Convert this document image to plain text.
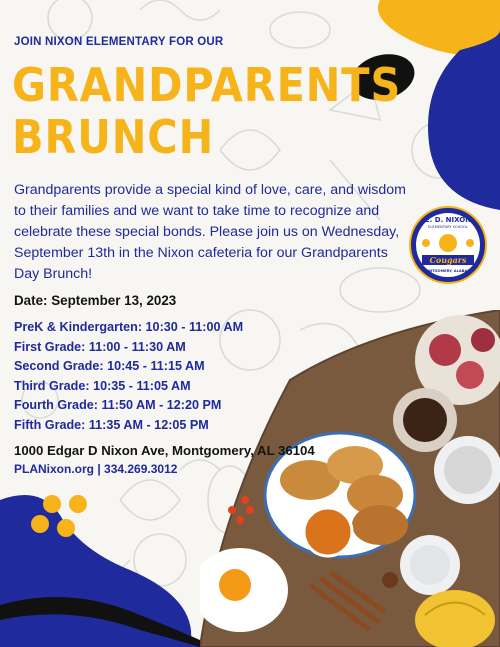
E. D. NIXON
ELEMENTARY SCHOOL
Cougars
MONTGOMERY, ALABAMA
JOIN NIXON ELEMENTARY FOR OUR
GRANDPARENTS
BRUNCH
Grandparents provide a special kind of love, care, and wisdom to their families and we want to take time to recognize and celebrate these special bonds. Please join us on Wednesday, September 13th in the Nixon cafeteria for our Grandparents Day Brunch!
Date: September 13, 2023
PreK & Kindergarten: 10:30 - 11:00 AM
First Grade: 11:00 - 11:30 AM
Second Grade: 10:45 - 11:15 AM
Third Grade: 10:35 - 11:05 AM
Fourth Grade: 11:50 AM - 12:20 PM
Fifth Grade: 11:35 AM - 12:05 PM
1000 Edgar D Nixon Ave, Montgomery, AL 36104
PLANixon.org | 334.269.3012
